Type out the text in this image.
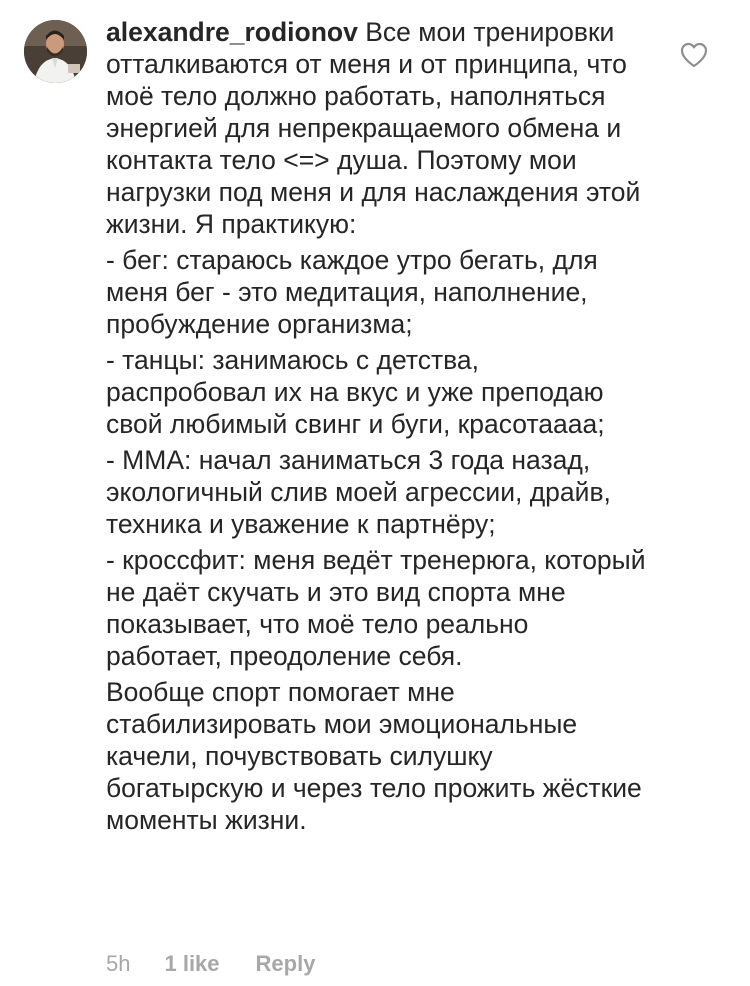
alexandre_rodionov Все мои тренировки отталкиваются от меня и от принципа, что моё тело должно работать, наполняться энергией для непрекращаемого обмена и контакта тело <=> душа. Поэтому мои нагрузки под меня и для наслаждения этой жизни. Я практикую:
- бег: стараюсь каждое утро бегать, для меня бег - это медитация, наполнение, пробуждение организма;
- танцы: занимаюсь с детства, распробовал их на вкус и уже преподаю свой любимый свинг и буги, красотаааа;
- ММА: начал заниматься 3 года назад, экологичный слив моей агрессии, драйв, техника и уважение к партнёру;
- кроссфит: меня ведёт тренерюга, который не даёт скучать и это вид спорта мне показывает, что моё тело реально работает, преодоление себя.
Вообще спорт помогает мне стабилизировать мои эмоциональные качели, почувствовать силушку богатырскую и через тело прожить жёсткие моменты жизни.

5h 1 like Reply
